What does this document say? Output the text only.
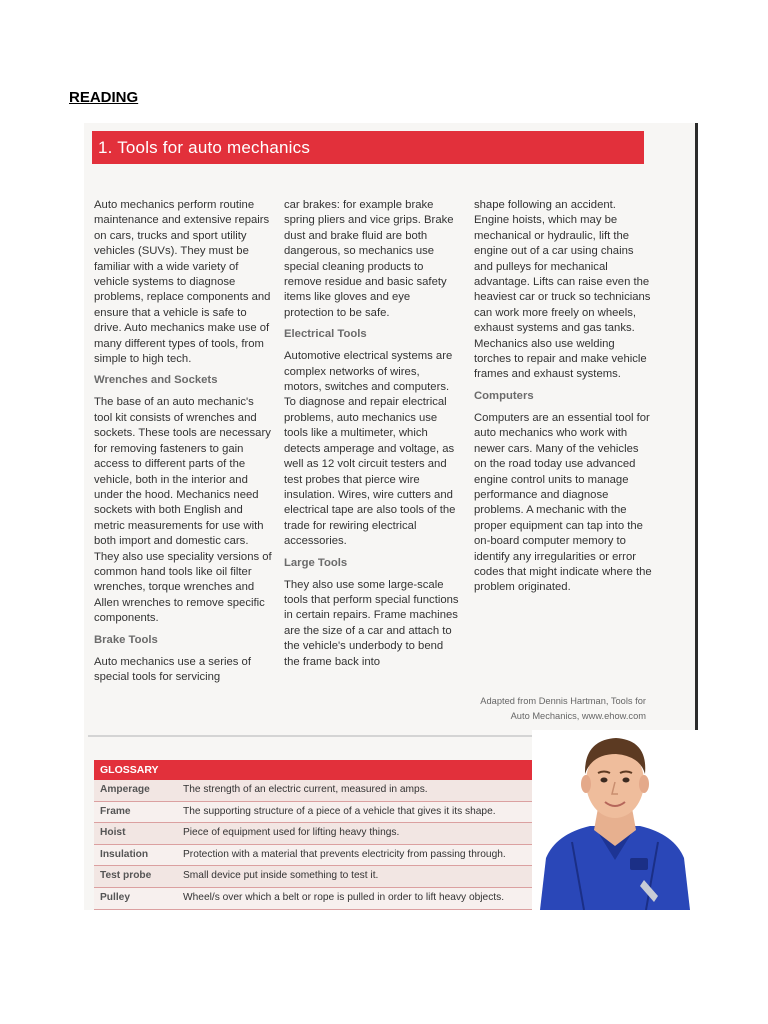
READING
1. Tools for auto mechanics

Auto mechanics perform routine maintenance and extensive repairs on cars, trucks and sport utility vehicles (SUVs). They must be familiar with a wide variety of vehicle systems to diagnose problems, replace components and ensure that a vehicle is safe to drive. Auto mechanics make use of many different types of tools, from simple to high tech.

Wrenches and Sockets

The base of an auto mechanic's tool kit consists of wrenches and sockets. These tools are necessary for removing fasteners to gain access to different parts of the vehicle, both in the interior and under the hood. Mechanics need sockets with both English and metric measurements for use with both import and domestic cars. They also use speciality versions of common hand tools like oil filter wrenches, torque wrenches and Allen wrenches to remove specific components.

Brake Tools

Auto mechanics use a series of special tools for servicing

car brakes: for example brake spring pliers and vice grips. Brake dust and brake fluid are both dangerous, so mechanics use special cleaning products to remove residue and basic safety items like gloves and eye protection to be safe.

Electrical Tools

Automotive electrical systems are complex networks of wires, motors, switches and computers. To diagnose and repair electrical problems, auto mechanics use tools like a multimeter, which detects amperage and voltage, as well as 12 volt circuit testers and test probes that pierce wire insulation. Wires, wire cutters and electrical tape are also tools of the trade for rewiring electrical accessories.

Large Tools

They also use some large-scale tools that perform special functions in certain repairs. Frame machines are the size of a car and attach to the vehicle's underbody to bend the frame back into

shape following an accident. Engine hoists, which may be mechanical or hydraulic, lift the engine out of a car using chains and pulleys for mechanical advantage. Lifts can raise even the heaviest car or truck so technicians can work more freely on wheels, exhaust systems and gas tanks. Mechanics also use welding torches to repair and make vehicle frames and exhaust systems.

Computers

Computers are an essential tool for auto mechanics who work with newer cars. Many of the vehicles on the road today use advanced engine control units to manage performance and diagnose problems. A mechanic with the proper equipment can tap into the on-board computer memory to identify any irregularities or error codes that might indicate where the problem originated.

Adapted from Dennis Hartman, Tools for
Auto Mechanics, www.ehow.com
GLOSSARY
Amperage	The strength of an electric current, measured in amps.
Frame	The supporting structure of a piece of a vehicle that gives it its shape.
Hoist	Piece of equipment used for lifting heavy things.
Insulation	Protection with a material that prevents electricity from passing through.
Test probe	Small device put inside something to test it.
Pulley	Wheel/s over which a belt or rope is pulled in order to lift heavy objects.
